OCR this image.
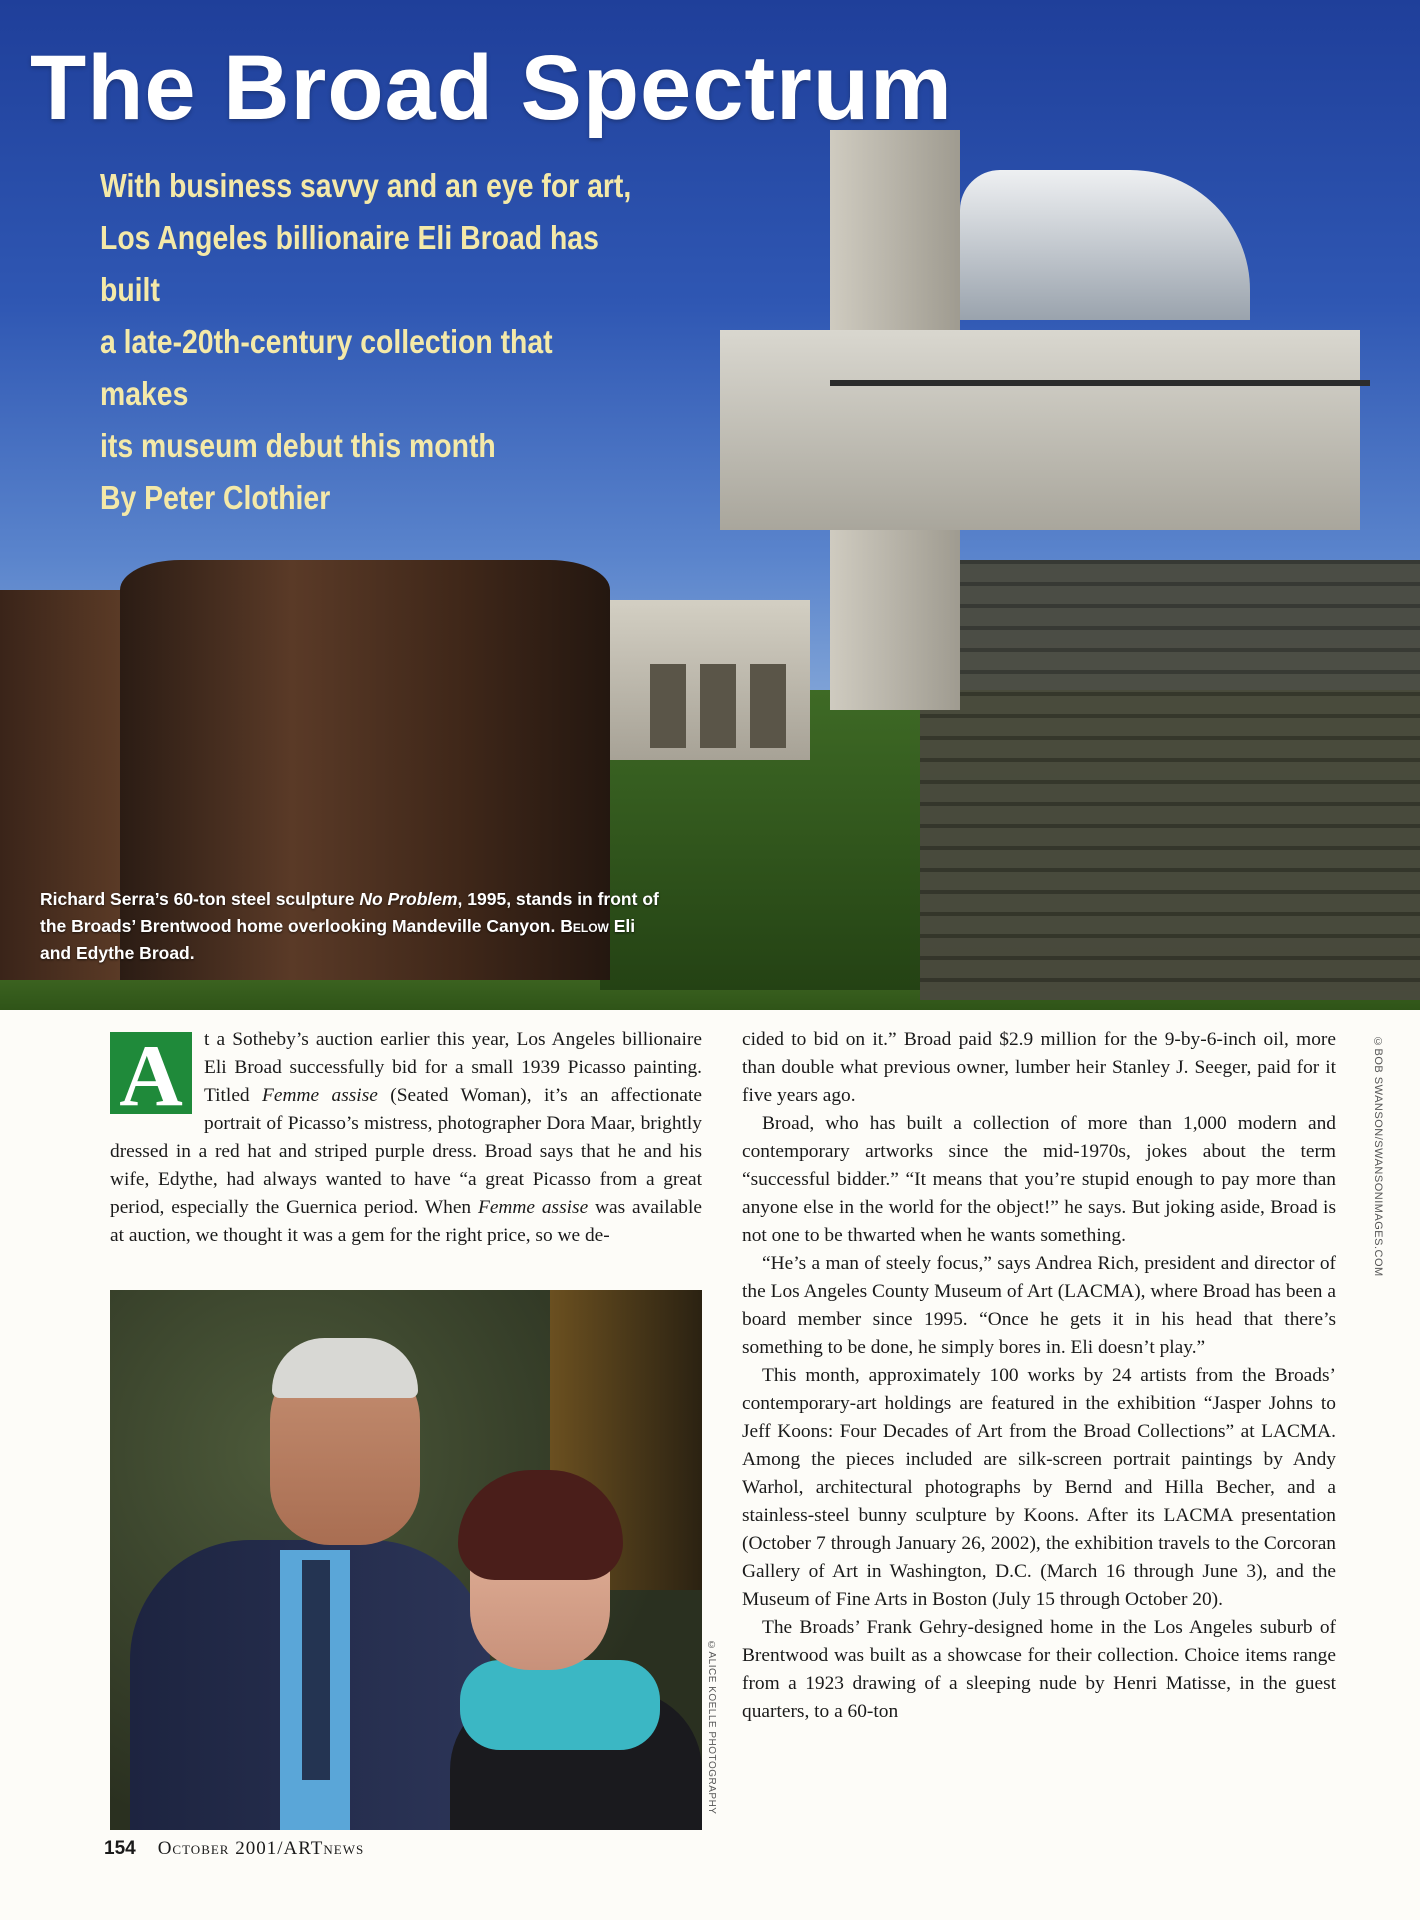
The Broad Spectrum

With business savvy and an eye for art,

Los Angeles billionaire Eli Broad has built

a late-20th-century collection that makes

its museum debut this month

By Peter Clothier

Richard Serra’s 60-ton steel sculpture No Problem, 1995, stands in front of the Broads’ Brentwood home overlooking Mandeville Canyon. Below Eli and Edythe Broad.
©BOB SWANSON/SWANSONIMAGES.COM

A	t a Sotheby’s auction earlier this year, Los Angeles billionaire Eli Broad successfully bid for a small 1939 Picasso painting. Titled Femme assise (Seated Woman), it’s an affectionate portrait of Picasso’s mistress, photographer Dora Maar, brightly dressed in a red hat and striped purple dress. Broad says that he and his wife, Edythe, had always wanted to have “a great Picasso from a great period, especially the Guernica period. When Femme assise was available at auction, we thought it was a gem for the right price, so we de-

©ALICE KOELLE PHOTOGRAPHY

cided to bid on it.” Broad paid $2.9 million for the 9-by-6-inch oil, more than double what previous owner, lumber heir Stanley J. Seeger, paid for it five years ago.

Broad, who has built a collection of more than 1,000 modern and contemporary artworks since the mid-1970s, jokes about the term “successful bidder.” “It means that you’re stupid enough to pay more than anyone else in the world for the object!” he says. But joking aside, Broad is not one to be thwarted when he wants something.

“He’s a man of steely focus,” says Andrea Rich, president and director of the Los Angeles County Museum of Art (LACMA), where Broad has been a board member since 1995. “Once he gets it in his head that there’s something to be done, he simply bores in. Eli doesn’t play.”

This month, approximately 100 works by 24 artists from the Broads’ contemporary-art holdings are featured in the exhibition “Jasper Johns to Jeff Koons: Four Decades of Art from the Broad Collections” at LACMA. Among the pieces included are silk-screen portrait paintings by Andy Warhol, architectural photographs by Bernd and Hilla Becher, and a stainless-steel bunny sculpture by Koons. After its LACMA presentation (October 7 through January 26, 2002), the exhibition travels to the Corcoran Gallery of Art in Washington, D.C. (March 16 through June 3), and the Museum of Fine Arts in Boston (July 15 through October 20).

The Broads’ Frank Gehry-designed home in the Los Angeles suburb of Brentwood was built as a showcase for their collection. Choice items range from a 1923 drawing of a sleeping nude by Henri Matisse, in the guest quarters, to a 60-ton

154 October 2001/ARTnews
